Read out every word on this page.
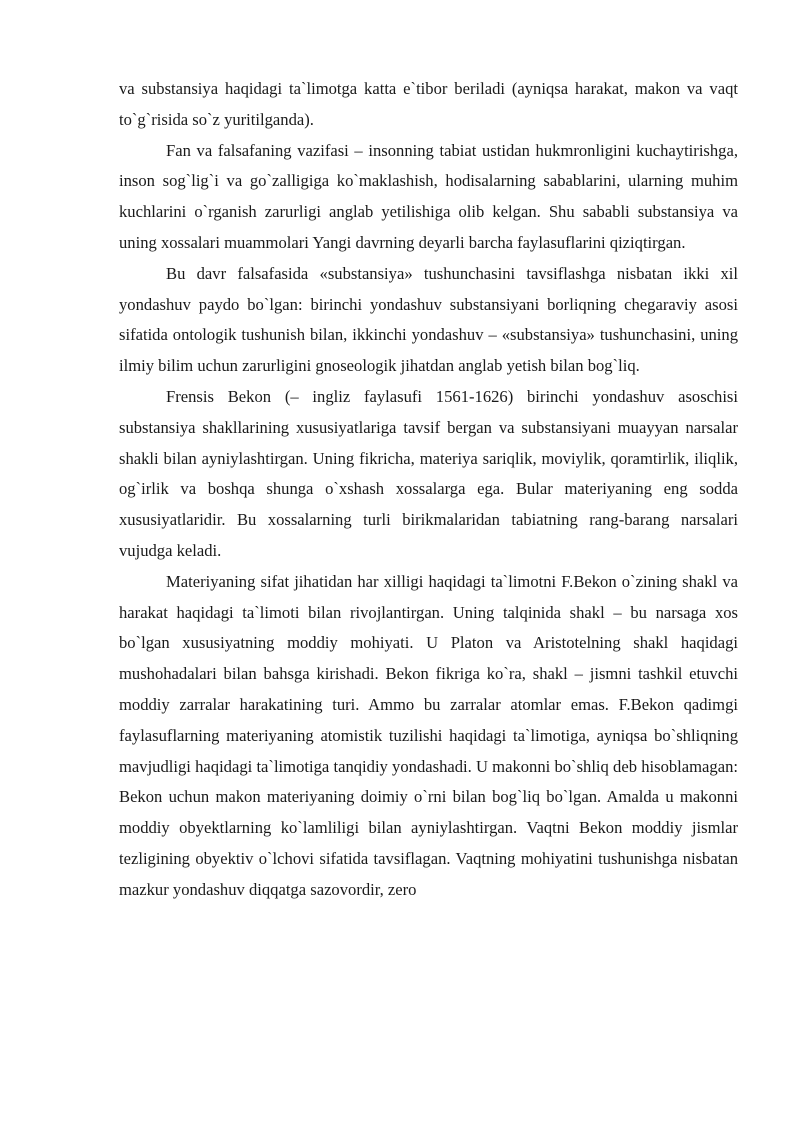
va substansiya haqidagi ta`limotga katta e`tibor beriladi (ayniqsa harakat, makon va vaqt to`g`risida so`z yuritilganda).

Fan va falsafaning vazifasi – insonning tabiat ustidan hukmronligini kuchaytirishga, inson sog`lig`i va go`zalligiga ko`maklashish, hodisalarning sabablarini, ularning muhim kuchlarini o`rganish zarurligi anglab yetilishiga olib kelgan. Shu sababli substansiya va uning xossalari muammolari Yangi davrning deyarli barcha faylasuflarini qiziqtirgan.

Bu davr falsafasida «substansiya» tushunchasini tavsiflashga nisbatan ikki xil yondashuv paydo bo`lgan: birinchi yondashuv substansiyani borliqning chegaraviy asosi sifatida ontologik tushunish bilan, ikkinchi yondashuv – «substansiya» tushunchasini, uning ilmiy bilim uchun zarurligini gnoseologik jihatdan anglab yetish bilan bog`liq.

Frensis Bekon (– ingliz faylasufi 1561-1626) birinchi yondashuv asoschisi substansiya shakllarining xususiyatlariga tavsif bergan va substansiyani muayyan narsalar shakli bilan ayniylashtirgan. Uning fikricha, materiya sariqlik, moviylik, qoramtirlik, iliqlik, og`irlik va boshqa shunga o`xshash xossalarga ega. Bular materiyaning eng sodda xususiyatlaridir. Bu xossalarning turli birikmalaridan tabiatning rang-barang narsalari vujudga keladi.

Materiyaning sifat jihatidan har xilligi haqidagi ta`limotni F.Bekon o`zining shakl va harakat haqidagi ta`limoti bilan rivojlantirgan. Uning talqinida shakl – bu narsaga xos bo`lgan xususiyatning moddiy mohiyati. U Platon va Aristotelning shakl haqidagi mushohadalari bilan bahsga kirishadi. Bekon fikriga ko`ra, shakl – jismni tashkil etuvchi moddiy zarralar harakatining turi. Ammo bu zarralar atomlar emas. F.Bekon qadimgi faylasuflarning materiyaning atomistik tuzilishi haqidagi ta`limotiga, ayniqsa bo`shliqning mavjudligi haqidagi ta`limotiga tanqidiy yondashadi. U makonni bo`shliq deb hisoblamagan: Bekon uchun makon materiyaning doimiy o`rni bilan bog`liq bo`lgan. Amalda u makonni moddiy obyektlarning ko`lamliligi bilan ayniylashtirgan. Vaqtni Bekon moddiy jismlar tezligining obyektiv o`lchovi sifatida tavsiflagan. Vaqtning mohiyatini tushunishga nisbatan mazkur yondashuv diqqatga sazovordir, zero
